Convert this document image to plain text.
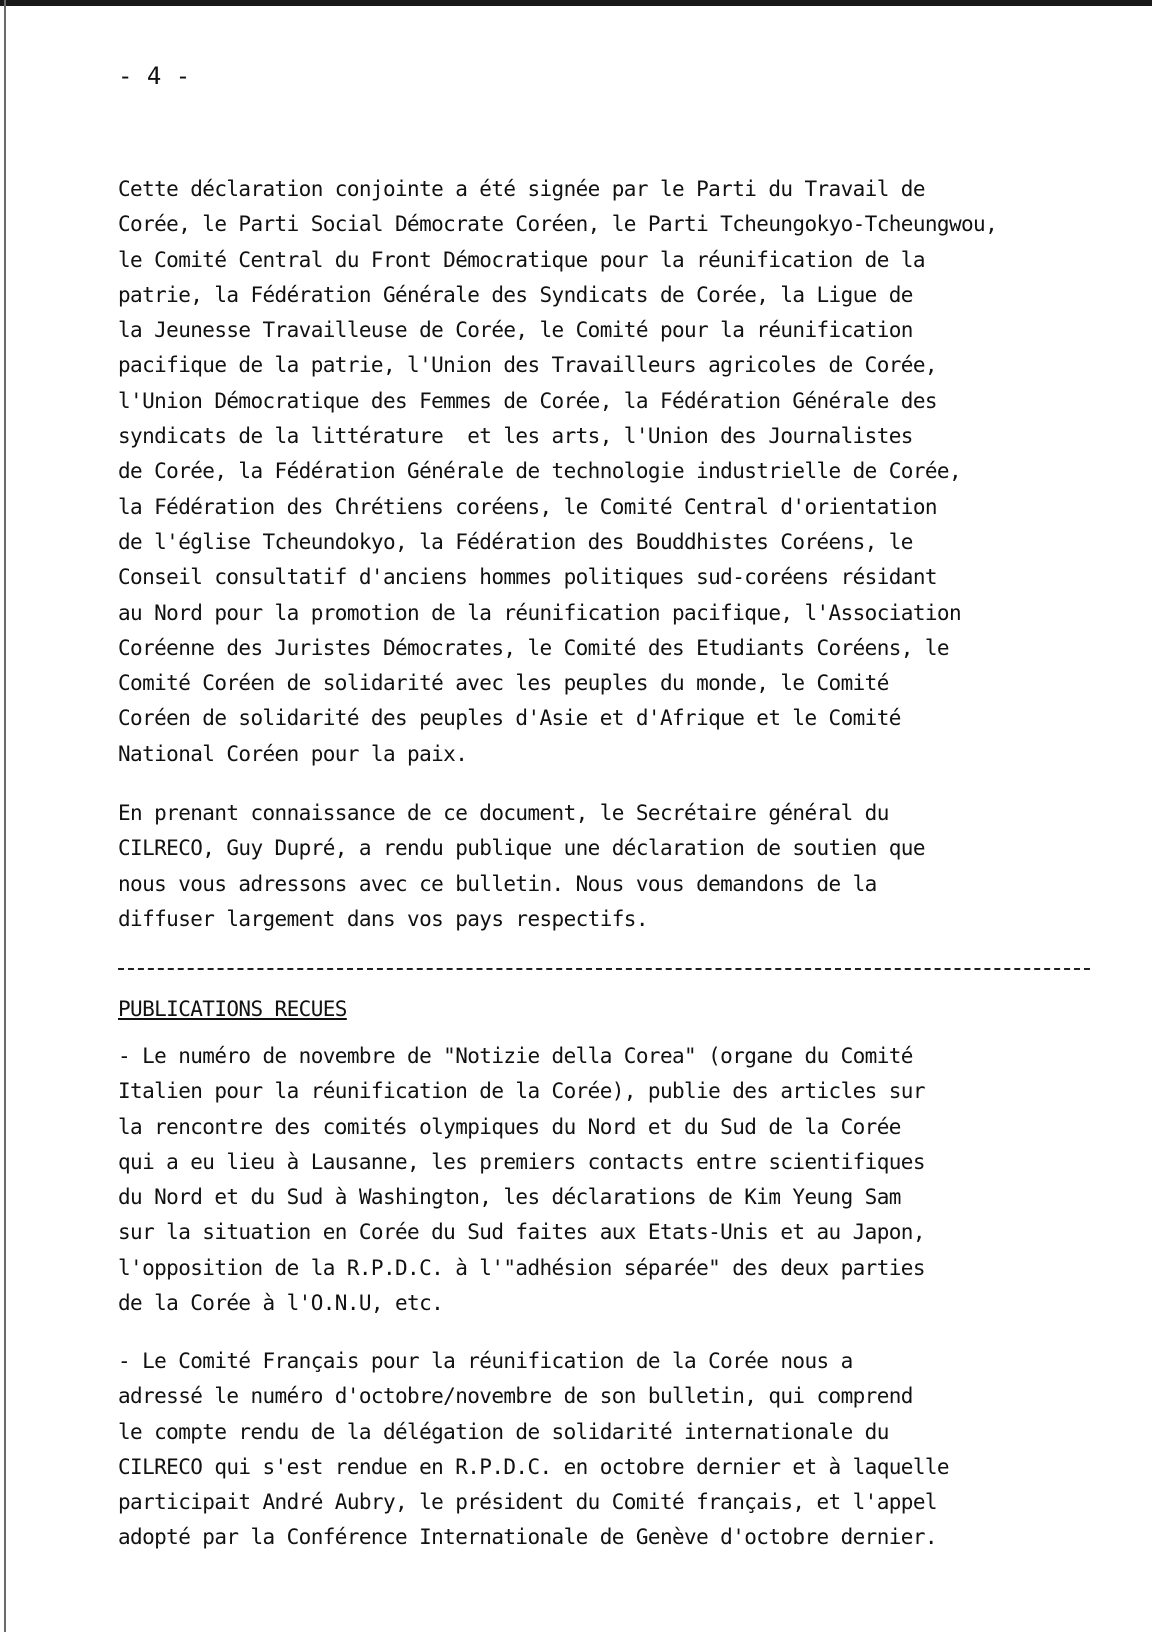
- 4 -

Cette déclaration conjointe a été signée par le Parti du Travail de
Corée, le Parti Social Démocrate Coréen, le Parti Tcheungokyo-Tcheungwou,
le Comité Central du Front Démocratique pour la réunification de la
patrie, la Fédération Générale des Syndicats de Corée, la Ligue de
la Jeunesse Travailleuse de Corée, le Comité pour la réunification
pacifique de la patrie, l'Union des Travailleurs agricoles de Corée,
l'Union Démocratique des Femmes de Corée, la Fédération Générale des
syndicats de la littérature  et les arts, l'Union des Journalistes
de Corée, la Fédération Générale de technologie industrielle de Corée,
la Fédération des Chrétiens coréens, le Comité Central d'orientation
de l'église Tcheundokyo, la Fédération des Bouddhistes Coréens, le
Conseil consultatif d'anciens hommes politiques sud-coréens résidant
au Nord pour la promotion de la réunification pacifique, l'Association
Coréenne des Juristes Démocrates, le Comité des Etudiants Coréens, le
Comité Coréen de solidarité avec les peuples du monde, le Comité
Coréen de solidarité des peuples d'Asie et d'Afrique et le Comité
National Coréen pour la paix.
En prenant connaissance de ce document, le Secrétaire général du
CILRECO, Guy Dupré, a rendu publique une déclaration de soutien que
nous vous adressons avec ce bulletin. Nous vous demandons de la
diffuser largement dans vos pays respectifs.

PUBLICATIONS RECUES

- Le numéro de novembre de "Notizie della Corea" (organe du Comité
Italien pour la réunification de la Corée), publie des articles sur
la rencontre des comités olympiques du Nord et du Sud de la Corée
qui a eu lieu à Lausanne, les premiers contacts entre scientifiques
du Nord et du Sud à Washington, les déclarations de Kim Yeung Sam
sur la situation en Corée du Sud faites aux Etats-Unis et au Japon,
l'opposition de la R.P.D.C. à l'"adhésion séparée" des deux parties
de la Corée à l'O.N.U, etc.
- Le Comité Français pour la réunification de la Corée nous a
adressé le numéro d'octobre/novembre de son bulletin, qui comprend
le compte rendu de la délégation de solidarité internationale du
CILRECO qui s'est rendue en R.P.D.C. en octobre dernier et à laquelle
participait André Aubry, le président du Comité français, et l'appel
adopté par la Conférence Internationale de Genève d'octobre dernier.
